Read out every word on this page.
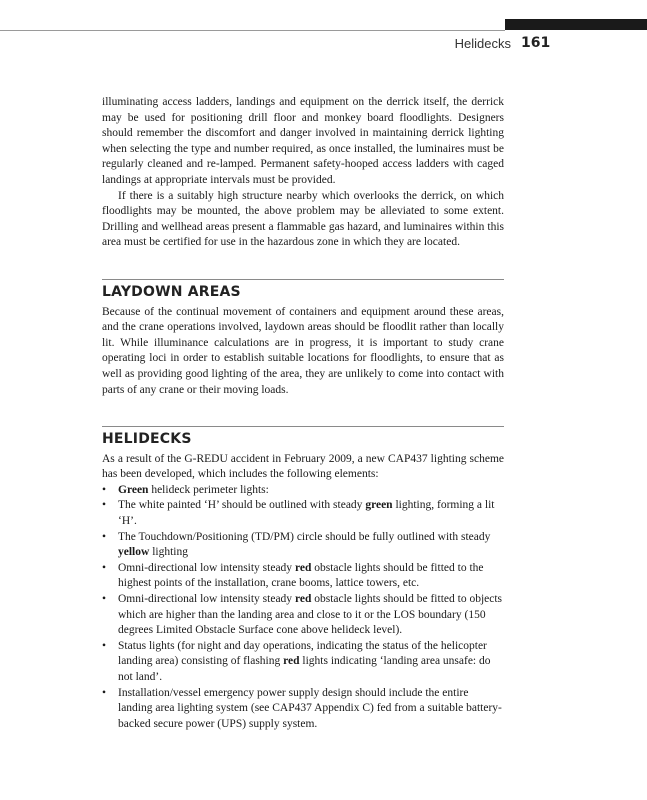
Helidecks 161

illuminating access ladders, landings and equipment on the derrick itself, the derrick may be used for positioning drill floor and monkey board floodlights. Designers should remember the discomfort and danger involved in maintaining derrick lighting when selecting the type and number required, as once installed, the luminaires must be regularly cleaned and re-lamped. Permanent safety-hooped access ladders with caged landings at appropriate intervals must be provided.

If there is a suitably high structure nearby which overlooks the derrick, on which floodlights may be mounted, the above problem may be alleviated to some extent. Drilling and wellhead areas present a flammable gas hazard, and luminaires within this area must be certified for use in the hazardous zone in which they are located.

LAYDOWN AREAS

Because of the continual movement of containers and equipment around these areas, and the crane operations involved, laydown areas should be floodlit rather than locally lit. While illuminance calculations are in progress, it is important to study crane operating loci in order to establish suitable locations for floodlights, to ensure that as well as providing good lighting of the area, they are unlikely to come into contact with parts of any crane or their moving loads.

HELIDECKS

As a result of the G-REDU accident in February 2009, a new CAP437 lighting scheme has been developed, which includes the following elements:

• Green helideck perimeter lights:
• The white painted ‘H’ should be outlined with steady green lighting, forming a lit ‘H’.
• The Touchdown/Positioning (TD/PM) circle should be fully outlined with steady yellow lighting
• Omni-directional low intensity steady red obstacle lights should be fitted to the highest points of the installation, crane booms, lattice towers, etc.
• Omni-directional low intensity steady red obstacle lights should be fitted to objects which are higher than the landing area and close to it or the LOS boundary (150 degrees Limited Obstacle Surface cone above helideck level).
• Status lights (for night and day operations, indicating the status of the helicopter landing area) consisting of flashing red lights indicating ‘landing area unsafe: do not land’.
• Installation/vessel emergency power supply design should include the entire landing area lighting system (see CAP437 Appendix C) fed from a suitable battery-backed secure power (UPS) supply system.
